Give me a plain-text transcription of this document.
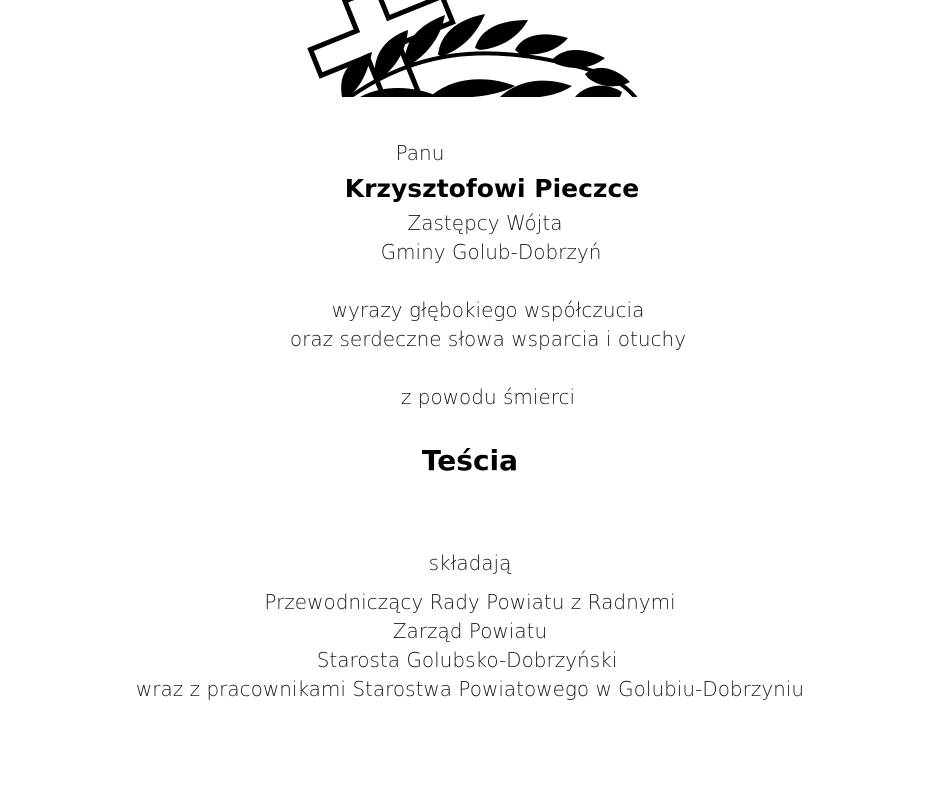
Panu
Krzysztofowi Pieczce
Zastępcy Wójta
Gminy Golub-Dobrzyń
wyrazy głębokiego współczucia
oraz serdeczne słowa wsparcia i otuchy
z powodu śmierci
Teścia
składają
Przewodniczący Rady Powiatu z Radnymi
Zarząd Powiatu
Starosta Golubsko-Dobrzyński
wraz z pracownikami Starostwa Powiatowego w Golubiu-Dobrzyniu
